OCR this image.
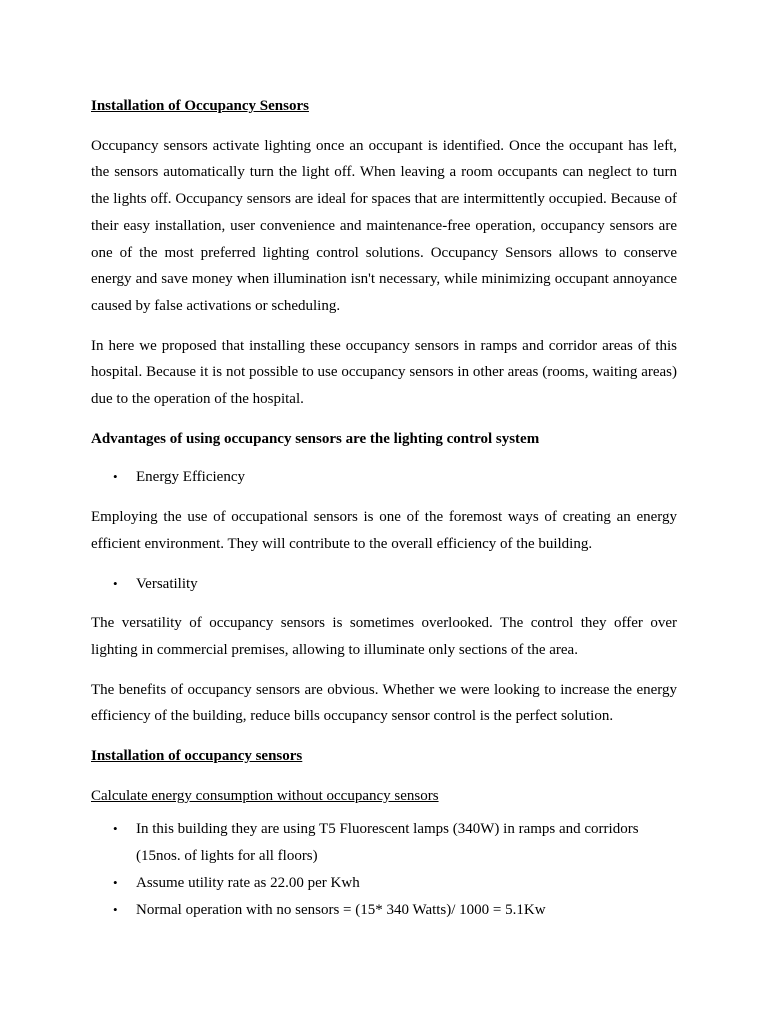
Installation of Occupancy Sensors

Occupancy sensors activate lighting once an occupant is identified. Once the occupant has left, the sensors automatically turn the light off. When leaving a room occupants can neglect to turn the lights off. Occupancy sensors are ideal for spaces that are intermittently occupied. Because of their easy installation, user convenience and maintenance-free operation, occupancy sensors are one of the most preferred lighting control solutions. Occupancy Sensors allows to conserve energy and save money when illumination isn't necessary, while minimizing occupant annoyance caused by false activations or scheduling.

In here we proposed that installing these occupancy sensors in ramps and corridor areas of this hospital. Because it is not possible to use occupancy sensors in other areas (rooms, waiting areas) due to the operation of the hospital.

Advantages of using occupancy sensors are the lighting control system

• Energy Efficiency

Employing the use of occupational sensors is one of the foremost ways of creating an energy efficient environment. They will contribute to the overall efficiency of the building.

• Versatility

The versatility of occupancy sensors is sometimes overlooked. The control they offer over lighting in commercial premises, allowing to illuminate only sections of the area.

The benefits of occupancy sensors are obvious. Whether we were looking to increase the energy efficiency of the building, reduce bills occupancy sensor control is the perfect solution.

Installation of occupancy sensors

Calculate energy consumption without occupancy sensors

• In this building they are using T5 Fluorescent lamps (340W) in ramps and corridors (15nos. of lights for all floors)
• Assume utility rate as 22.00 per Kwh
• Normal operation with no sensors = (15* 340 Watts)/ 1000 = 5.1Kw
